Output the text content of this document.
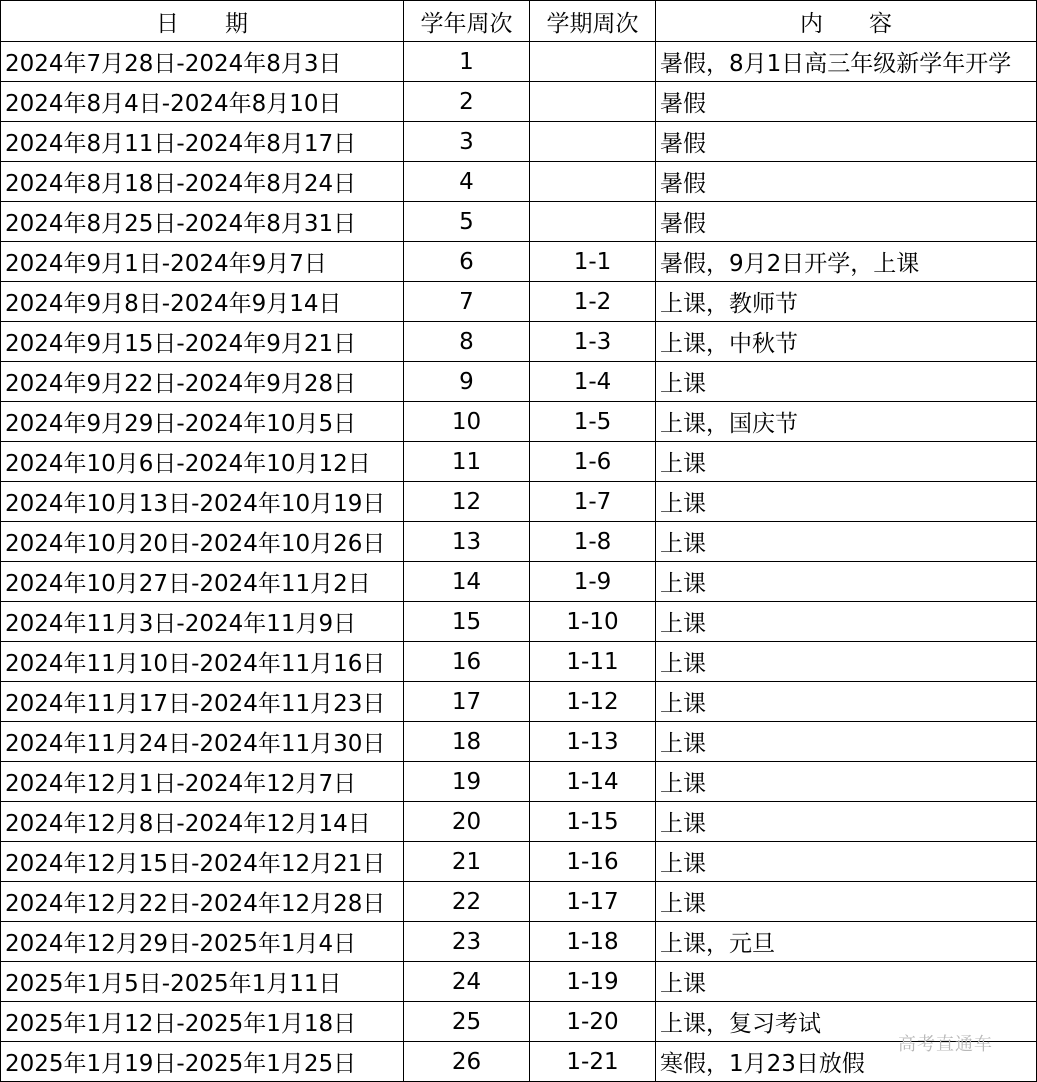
日　　期	学年周次	学期周次	内　　容
2024年7月28日-2024年8月3日	1		暑假，8月1日高三年级新学年开学
2024年8月4日-2024年8月10日	2		暑假
2024年8月11日-2024年8月17日	3		暑假
2024年8月18日-2024年8月24日	4		暑假
2024年8月25日-2024年8月31日	5		暑假
2024年9月1日-2024年9月7日	6	1-1	暑假，9月2日开学，上课
2024年9月8日-2024年9月14日	7	1-2	上课，教师节
2024年9月15日-2024年9月21日	8	1-3	上课，中秋节
2024年9月22日-2024年9月28日	9	1-4	上课
2024年9月29日-2024年10月5日	10	1-5	上课，国庆节
2024年10月6日-2024年10月12日	11	1-6	上课
2024年10月13日-2024年10月19日	12	1-7	上课
2024年10月20日-2024年10月26日	13	1-8	上课
2024年10月27日-2024年11月2日	14	1-9	上课
2024年11月3日-2024年11月9日	15	1-10	上课
2024年11月10日-2024年11月16日	16	1-11	上课
2024年11月17日-2024年11月23日	17	1-12	上课
2024年11月24日-2024年11月30日	18	1-13	上课
2024年12月1日-2024年12月7日	19	1-14	上课
2024年12月8日-2024年12月14日	20	1-15	上课
2024年12月15日-2024年12月21日	21	1-16	上课
2024年12月22日-2024年12月28日	22	1-17	上课
2024年12月29日-2025年1月4日	23	1-18	上课，元旦
2025年1月5日-2025年1月11日	24	1-19	上课
2025年1月12日-2025年1月18日	25	1-20	上课，复习考试
2025年1月19日-2025年1月25日	26	1-21	寒假，1月23日放假
高考直通车
